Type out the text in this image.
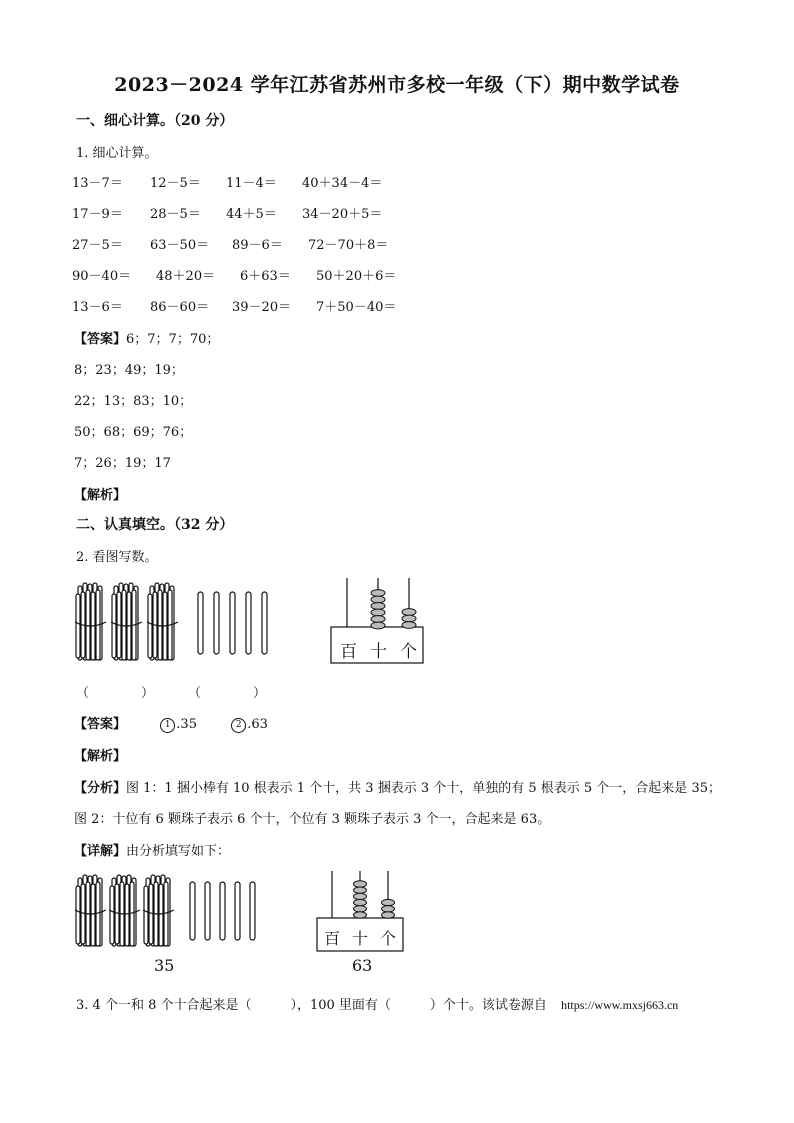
2023－2024 学年江苏省苏州市多校一年级（下）期中数学试卷
一、细心计算。（20 分）
1. 细心计算。
13－7＝ 12－5＝ 11－4＝ 40＋34－4＝
17－9＝ 28－5＝ 44＋5＝ 34－20＋5＝
27－5＝ 63－50＝ 89－6＝ 72－70＋8＝
90－40＝ 48＋20＝ 6＋63＝ 50＋20＋6＝
13－6＝ 86－60＝ 39－20＝ 7＋50－40＝
【答案】6；7；7；70；
8；23；49；19；
22；13；83；10；
50；68；69；76；
7；26；19；17
【解析】
二、认真填空。（32 分）
2. 看图写数。
百 十 个
（　　　　）	（　　　　）
【答案】	1 .35	2 .63
【解析】
【分析】图 1：1 捆小棒有 10 根表示 1 个十，共 3 捆表示 3 个十，单独的有 5 根表示 5 个一，合起来是 35；
图 2：十位有 6 颗珠子表示 6 个十，个位有 3 颗珠子表示 3 个一，合起来是 63。
【详解】由分析填写如下：
百 十 个
35	63
3. 4 个一和 8 个十合起来是（　　　），100 里面有（　　　）个十。该试卷源自 https://www.mxsj663.cn
